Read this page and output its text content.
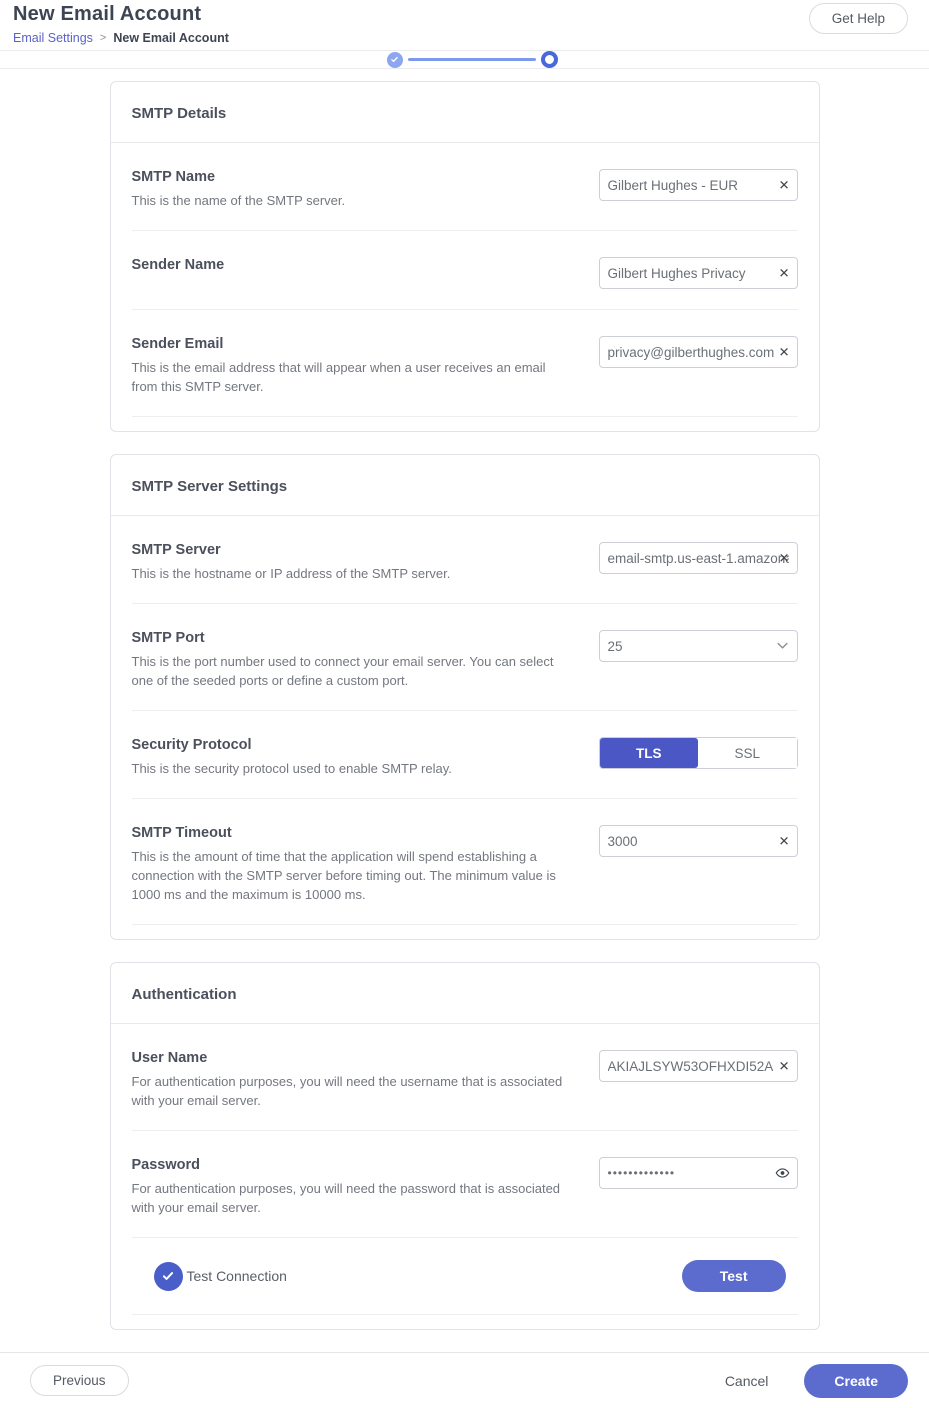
New Email Account
Email Settings > New Email Account
Get Help
SMTP Details
SMTP Name
This is the name of the SMTP server.
Gilbert Hughes - EUR
✕
Sender Name
Gilbert Hughes Privacy	✕
Sender Email
This is the email address that will appear when a user receives an email from this SMTP server.
privacy@gilberthughes.com
✕
SMTP Server Settings
SMTP Server
This is the hostname or IP address of the SMTP server.
email-smtp.us-east-1.amazonaws.com
✕
SMTP Port
This is the port number used to connect your email server. You can select one of the seeded ports or define a custom port.
25
Security Protocol
This is the security protocol used to enable SMTP relay.
TLS	SSL
SMTP Timeout
This is the amount of time that the application will spend establishing a connection with the SMTP server before timing out. The minimum value is 1000 ms and the maximum is 10000 ms.
3000
✕
Authentication
User Name
For authentication purposes, you will need the username that is associated with your email server.
AKIAJLSYW53OFHXDI52A
✕
Password
For authentication purposes, you will need the password that is associated with your email server.
•••••••••••••
Test Connection	Test
Previous	Cancel	Create
